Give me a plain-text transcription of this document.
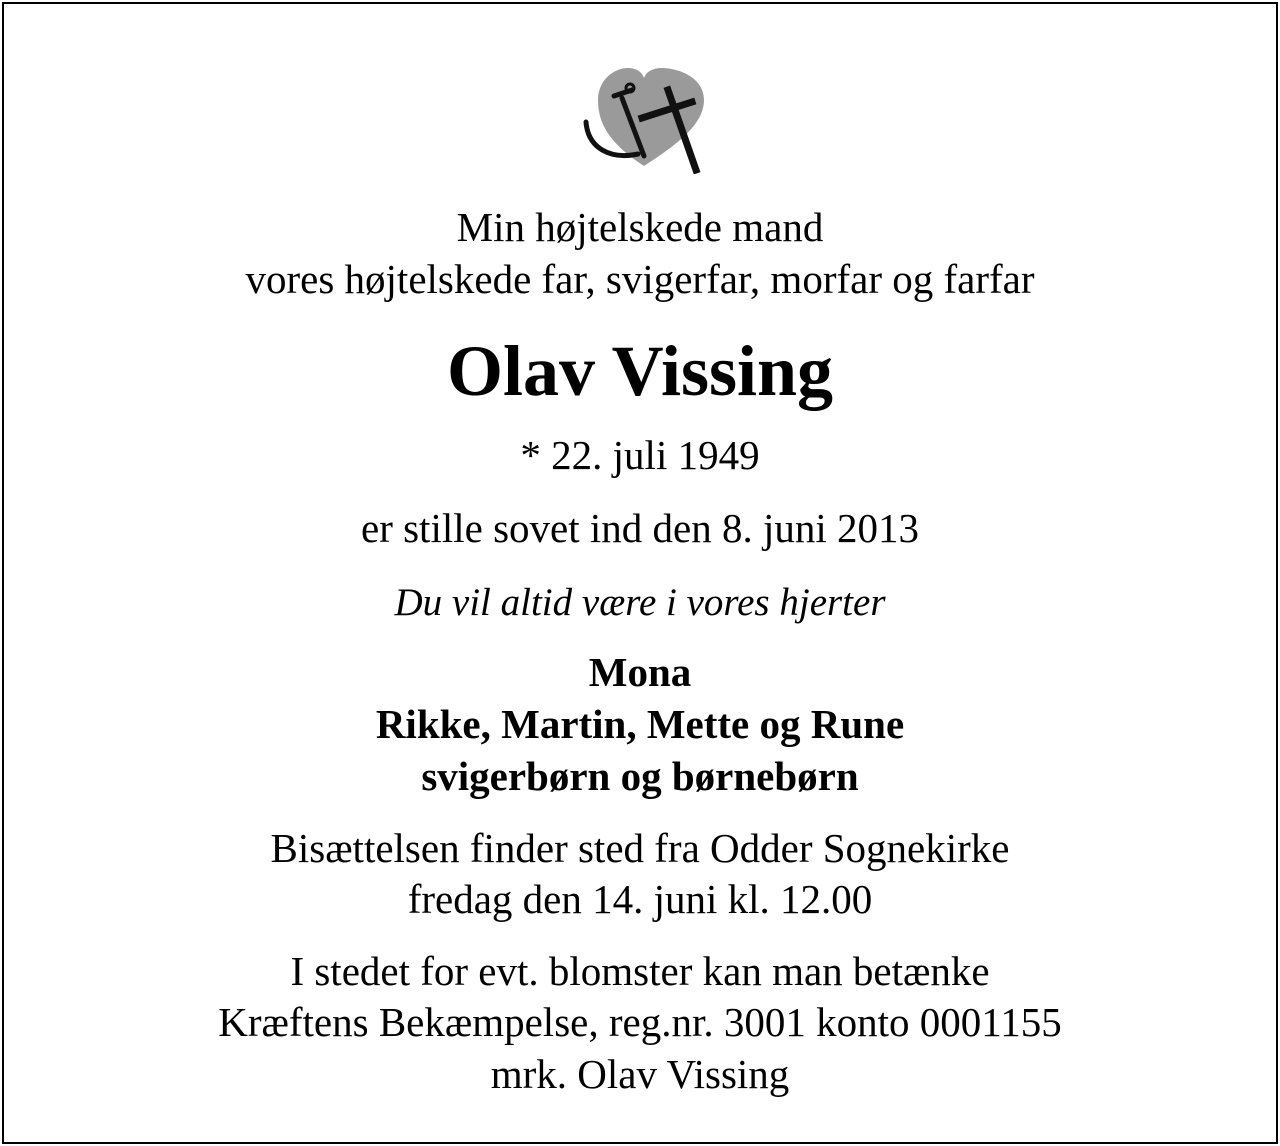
Min højtelskede mand
vores højtelskede far, svigerfar, morfar og farfar
Olav Vissing
* 22. juli 1949
er stille sovet ind den 8. juni 2013
Du vil altid være i vores hjerter
Mona
Rikke, Martin, Mette og Rune
svigerbørn og børnebørn
Bisættelsen finder sted fra Odder Sognekirke
fredag den 14. juni kl. 12.00
I stedet for evt. blomster kan man betænke
Kræftens Bekæmpelse, reg.nr. 3001 konto 0001155
mrk. Olav Vissing
